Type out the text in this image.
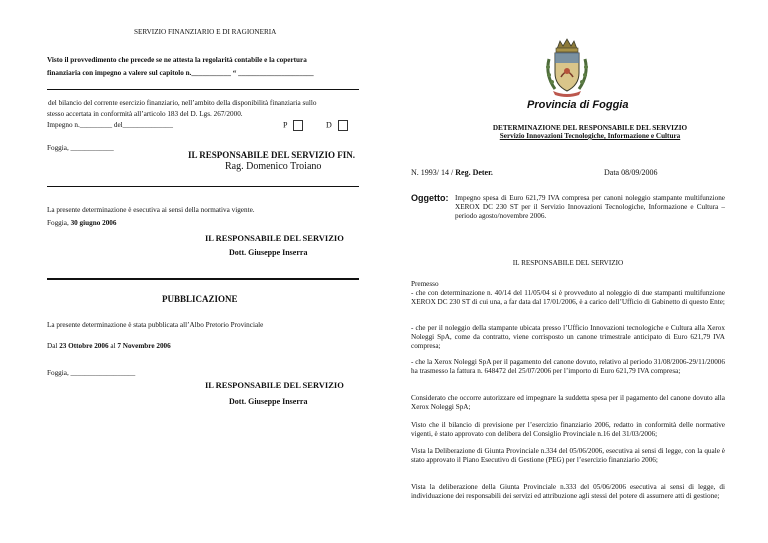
SERVIZIO FINANZIARIO E DI RAGIONERIA
Visto il provvedimento che precede se ne attesta la regolarità contabile e la copertura
finanziaria con impegno a valere sul capitolo n.___________ “ _____________________
del bilancio del corrente esercizio finanziario, nell’ambito della disponibilità finanziaria sullo
stesso accertata in conformità all’articolo 183 del D. Lgs. 267/2000.
Impegno n._________ del______________	P	D
Foggia, ____________
IL RESPONSABILE DEL SERVIZIO FIN.
Rag. Domenico Troiano
La presente determinazione è esecutiva ai sensi della normativa vigente.
Foggia, 30 giugno 2006
IL RESPONSABILE DEL SERVIZIO
Dott. Giuseppe Inserra
PUBBLICAZIONE
La presente determinazione è stata pubblicata all’Albo Pretorio Provinciale
Dal 23 Ottobre 2006 al 7 Novembre 2006
Foggia, __________________
IL RESPONSABILE DEL SERVIZIO
Dott. Giuseppe Inserra
Provincia di Foggia
DETERMINAZIONE DEL RESPONSABILE DEL SERVIZIO
Servizio Innovazioni Tecnologiche, Informazione e Cultura
N. 1993/ 14 / Reg. Deter.	Data 08/09/2006
Oggetto: Impegno spesa di Euro 621,79 IVA compresa per canoni noleggio stampante multifunzione XEROX DC 230 ST per il Servizio Innovazioni Tecnologiche, Informazione e Cultura – periodo agosto/novembre 2006.
IL RESPONSABILE DEL SERVIZIO
Premesso
- che con determinazione n. 40/14 del 11/05/04 si è provveduto al noleggio di due stampanti multifunzione XEROX DC 230 ST di cui una, a far data dal 17/01/2006, è a carico dell’Ufficio di Gabinetto di questo Ente;
- che per il noleggio della stampante ubicata presso l’Ufficio Innovazioni tecnologiche e Cultura alla Xerox Noleggi SpA, come da contratto, viene corrisposto un canone trimestrale anticipato di Euro 621,79 IVA compresa;
- che la Xerox Noleggi SpA per il pagamento del canone dovuto, relativo al periodo 31/08/2006-29/11/20006 ha trasmesso la fattura n. 648472 del 25/07/2006 per l’importo di Euro 621,79 IVA compresa;
Considerato che occorre autorizzare ed impegnare la suddetta spesa per il pagamento del canone dovuto alla Xerox Noleggi SpA;
Visto che il bilancio di previsione per l’esercizio finanziario 2006, redatto in conformità delle normative vigenti, è stato approvato con delibera del Consiglio Provinciale n.16 del 31/03/2006;
Vista la Deliberazione di Giunta Provinciale n.334 del 05/06/2006, esecutiva ai sensi di legge, con la quale è stato approvato il Piano Esecutivo di Gestione (PEG) per l’esercizio finanziario 2006;
Vista la deliberazione della Giunta Provinciale n.333 del 05/06/2006 esecutiva ai sensi di legge, di individuazione dei responsabili dei servizi ed attribuzione agli stessi del potere di assumere atti di gestione;
